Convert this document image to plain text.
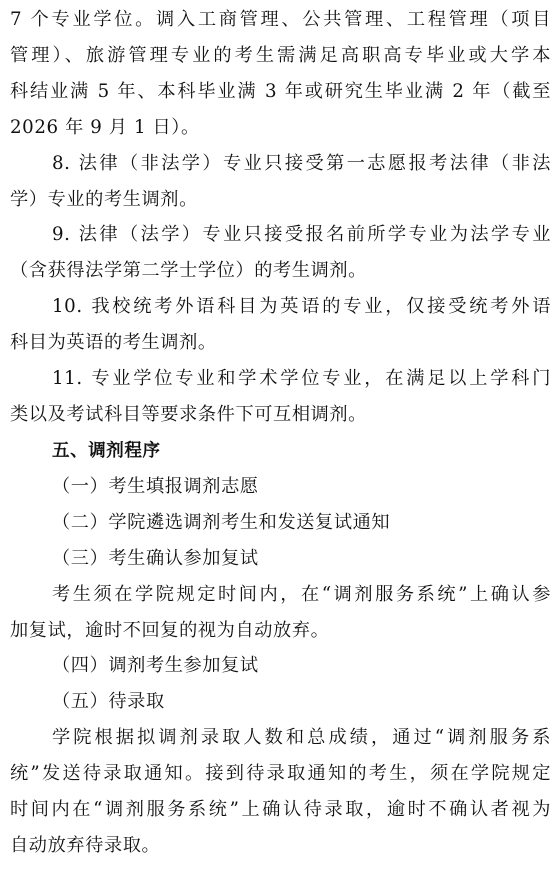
7 个专业学位。调入工商管理、公共管理、工程管理（项目
管理）、旅游管理专业的考生需满足高职高专毕业或大学本
科结业满 5 年、本科毕业满 3 年或研究生毕业满 2 年（截至
2026 年 9 月 1 日）。
8. 法律（非法学）专业只接受第一志愿报考法律（非法
学）专业的考生调剂。
9. 法律（法学）专业只接受报名前所学专业为法学专业
（含获得法学第二学士学位）的考生调剂。
10. 我校统考外语科目为英语的专业，仅接受统考外语
科目为英语的考生调剂。
11. 专业学位专业和学术学位专业，在满足以上学科门
类以及考试科目等要求条件下可互相调剂。
五、调剂程序
（一）考生填报调剂志愿
（二）学院遴选调剂考生和发送复试通知
（三）考生确认参加复试
考生须在学院规定时间内，在“调剂服务系统”上确认参
加复试，逾时不回复的视为自动放弃。
（四）调剂考生参加复试
（五）待录取
学院根据拟调剂录取人数和总成绩，通过“调剂服务系
统”发送待录取通知。接到待录取通知的考生，须在学院规定
时间内在“调剂服务系统”上确认待录取，逾时不确认者视为
自动放弃待录取。
